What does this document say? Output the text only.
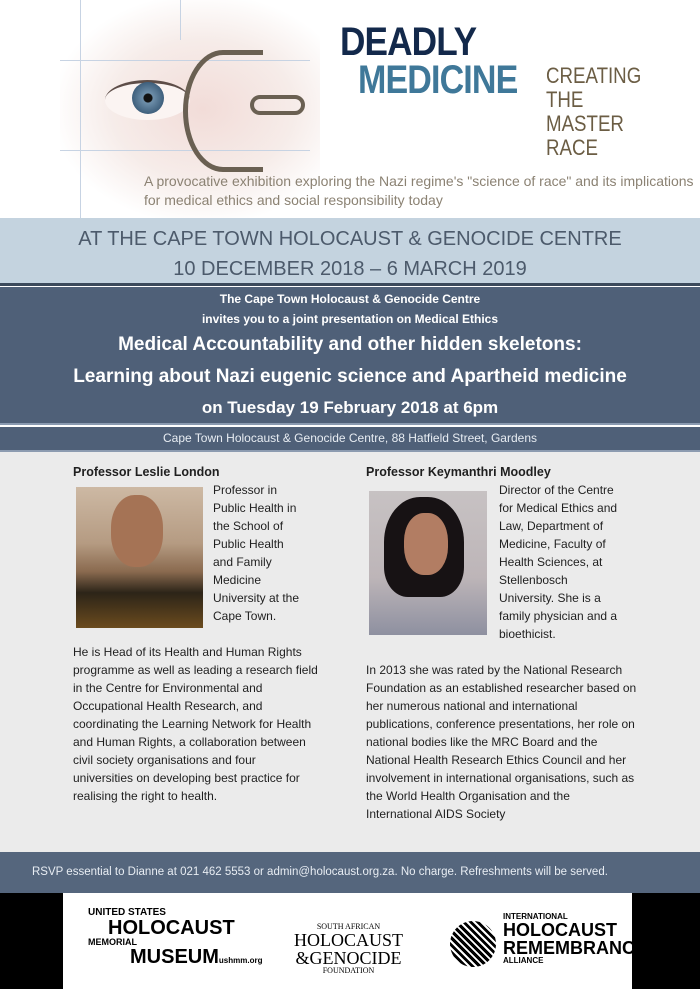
DEADLY
MEDICINE CREATING
THE
MASTER
RACE
A provocative exhibition exploring the Nazi regime's "science of race" and its implications for medical ethics and social responsibility today
AT THE CAPE TOWN HOLOCAUST & GENOCIDE CENTRE
10 DECEMBER 2018 – 6 MARCH 2019
The Cape Town Holocaust & Genocide Centre
invites you to a joint presentation on Medical Ethics
Medical Accountability and other hidden skeletons:
Learning about Nazi eugenic science and Apartheid medicine
on Tuesday 19 February 2018 at 6pm
Cape Town Holocaust & Genocide Centre, 88 Hatfield Street, Gardens
Professor Leslie London
Professor in
Public Health in
the School of
Public Health
and Family
Medicine
University at the
Cape Town.
He is Head of its Health and Human Rights programme as well as leading a research field in the Centre for Environmental and Occupational Health Research, and coordinating the Learning Network for Health and Human Rights, a collaboration between civil society organisations and four universities on developing best practice for realising the right to health.
Professor Keymanthri Moodley
Director of the Centre
for Medical Ethics and
Law, Department of
Medicine, Faculty of
Health Sciences, at
Stellenbosch
University. She is a
family physician and a
bioethicist.
In 2013 she was rated by the National Research Foundation as an established researcher based on her numerous national and international publications, conference presentations, her role on national bodies like the MRC Board and the National Health Research Ethics Council and her involvement in international organisations, such as the World Health Organisation and the International AIDS Society
RSVP essential to Dianne at 021 462 5553 or admin@holocaust.org.za. No charge. Refreshments will be served.
UNITED STATES
HOLOCAUST
MEMORIAL
MUSEUMushmm.org
SOUTH AFRICAN
HOLOCAUST
&GENOCIDE
FOUNDATION
INTERNATIONAL
HOLOCAUST
REMEMBRANCE
ALLIANCE
